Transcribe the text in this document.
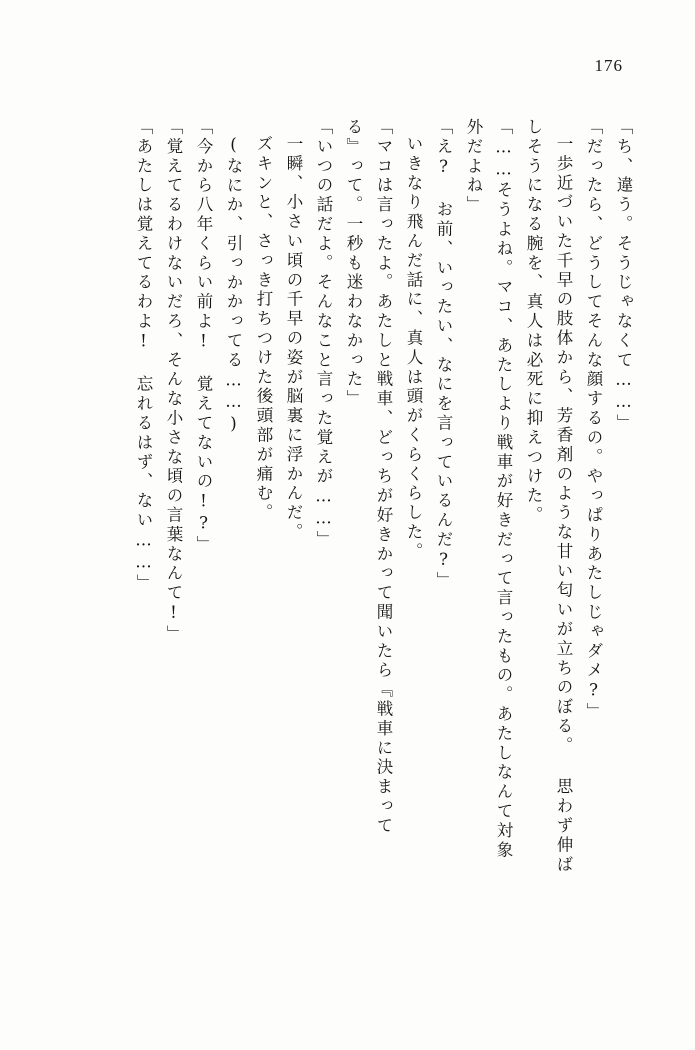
176
「ち、違う。そうじゃなくて……」
「だったら、どうしてそんな顔するの。やっぱりあたしじゃダメ?」
一歩近づいた千早の肢体から、芳香剤のような甘い匂いが立ちのぼる。 思わず伸ば
しそうになる腕を、真人は必死に抑えつけた。
「……そうよね。マコ、あたしより戦車が好きだって言ったもの。あたしなんて対象
外だよね」
「え? お前、いったい、なにを言っているんだ?」
いきなり飛んだ話に、真人は頭がくらくらした。
「マコは言ったよ。あたしと戦車、どっちが好きかって聞いたら『戦車に決まって
る』って。一秒も迷わなかった」
「いつの話だよ。そんなこと言った覚えが……」
一瞬、小さい頃の千早の姿が脳裏に浮かんだ。
ズキンと、さっき打ちつけた後頭部が痛む。
(なにか、引っかかってる……)
「今から八年くらい前よ! 覚えてないの!?」
「覚えてるわけないだろ、そんな小さな頃の言葉なんて!」
「あたしは覚えてるわよ! 忘れるはず、ない……」
